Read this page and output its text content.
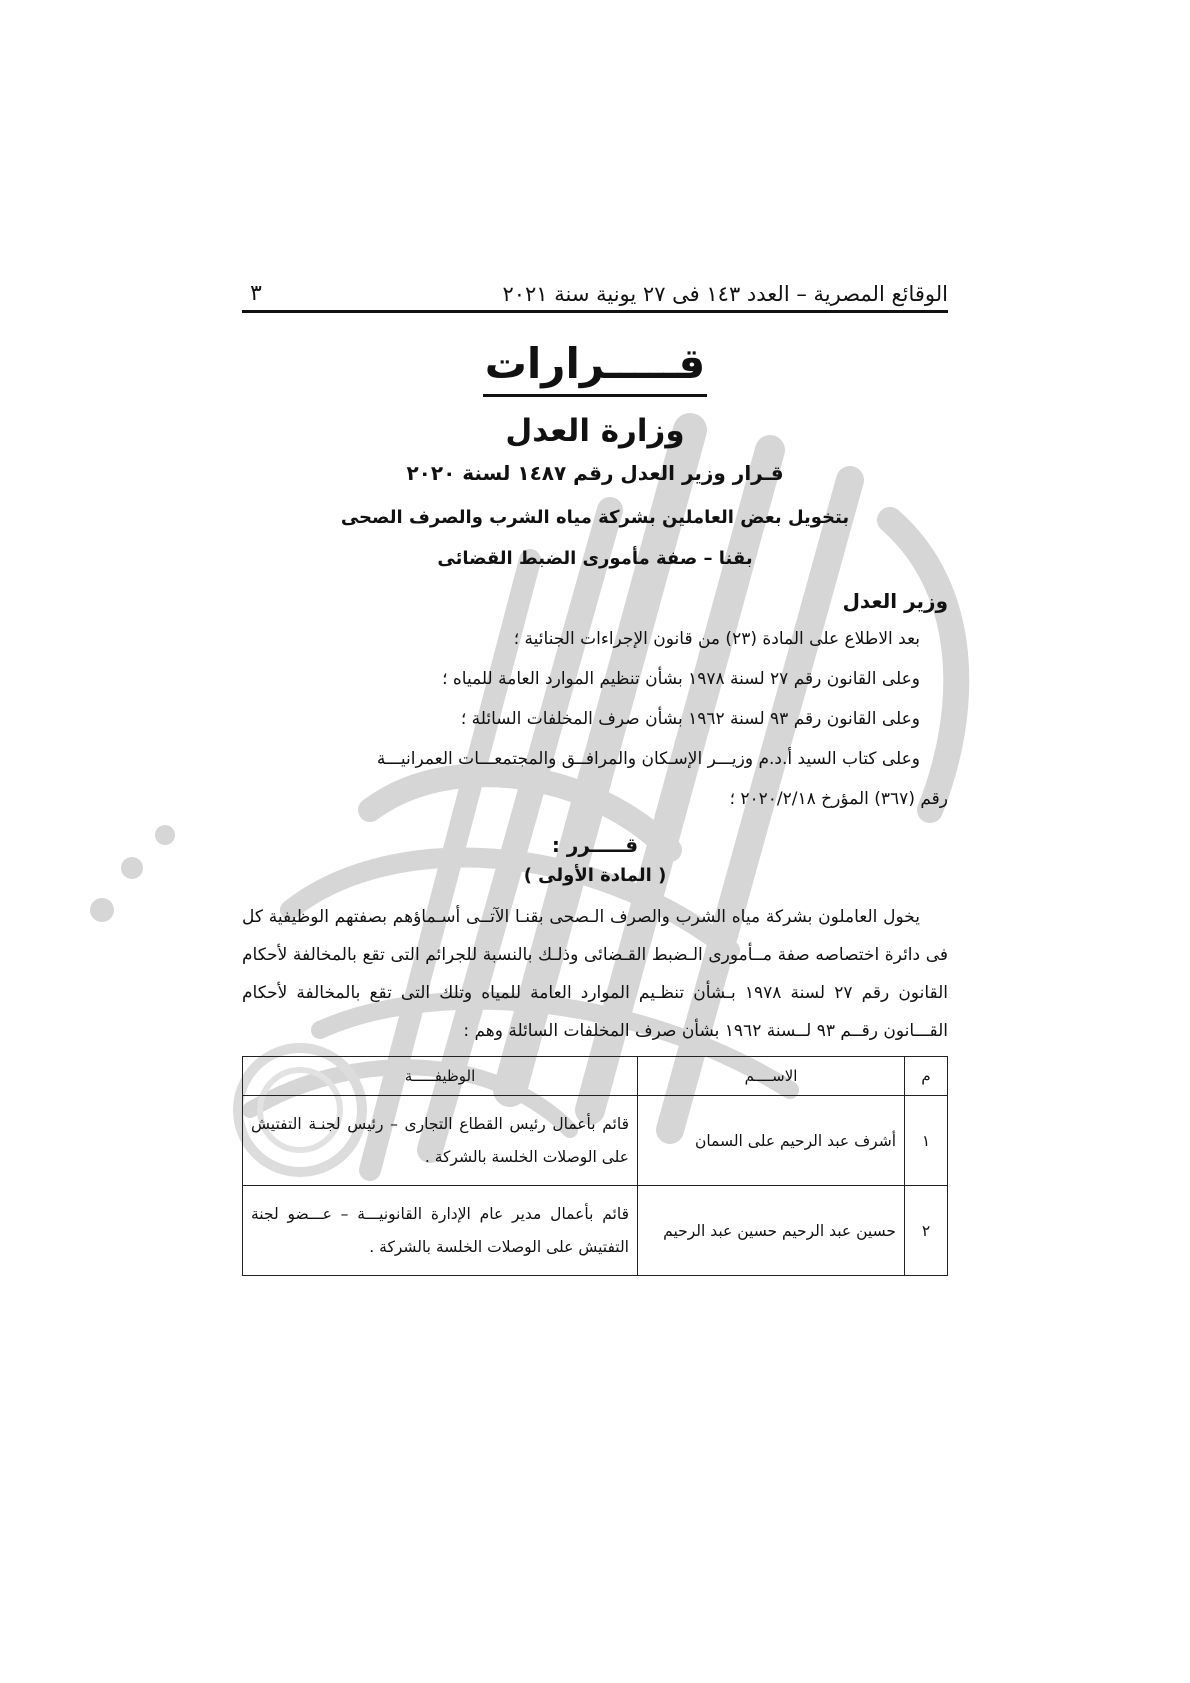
الوقائع المصرية – العدد ١٤٣ فى ٢٧ يونية سنة ٢٠٢١
٣
قـــــرارات
وزارة العدل
قـرار وزير العدل رقم ١٤٨٧ لسنة ٢٠٢٠
بتخويل بعض العاملين بشركة مياه الشرب والصرف الصحى
بقنا – صفة مأمورى الضبط القضائى
وزير العدل

بعد الاطلاع على المادة (٢٣) من قانون الإجراءات الجنائية ؛

وعلى القانون رقم ٢٧ لسنة ١٩٧٨ بشأن تنظيم الموارد العامة للمياه ؛

وعلى القانون رقم ٩٣ لسنة ١٩٦٢ بشأن صرف المخلفات السائلة ؛

وعلى كتاب السيد أ.د.م وزيـــر الإسـكان والمرافــق والمجتمعـــات العمرانيـــة

رقم (٣٦٧) المؤرخ ٢٠٢٠/٢/١٨ ؛

قـــــرر :
( المادة الأولى )
يخول العاملون بشركة مياه الشرب والصرف الـصحى بقنـا الآتــى أسـماؤهم بصفتهم الوظيفية كل فى دائرة اختصاصه صفة مــأمورى الـضبط القـضائى وذلـك بالنسبة للجرائم التى تقع بالمخالفة لأحكام القانون رقم ٢٧ لسنة ١٩٧٨ بـشأن تنظـيم الموارد العامة للمياه وتلك التى تقع بالمخالفة لأحكام القـــانون رقــم ٩٣ لــسنة ١٩٦٢ بشأن صرف المخلفات السائلة وهم :
م	الاســــم	الوظيفـــــة
١	أشرف عبد الرحيم على السمان	قائم بأعمال رئيس القطاع التجارى – رئيس لجنـة التفتيش على الوصلات الخلسة بالشركة .
٢	حسين عبد الرحيم حسين عبد الرحيم	قائم بأعمال مدير عام الإدارة القانونيـــة – عـــضو لجنة التفتيش على الوصلات الخلسة بالشركة .
